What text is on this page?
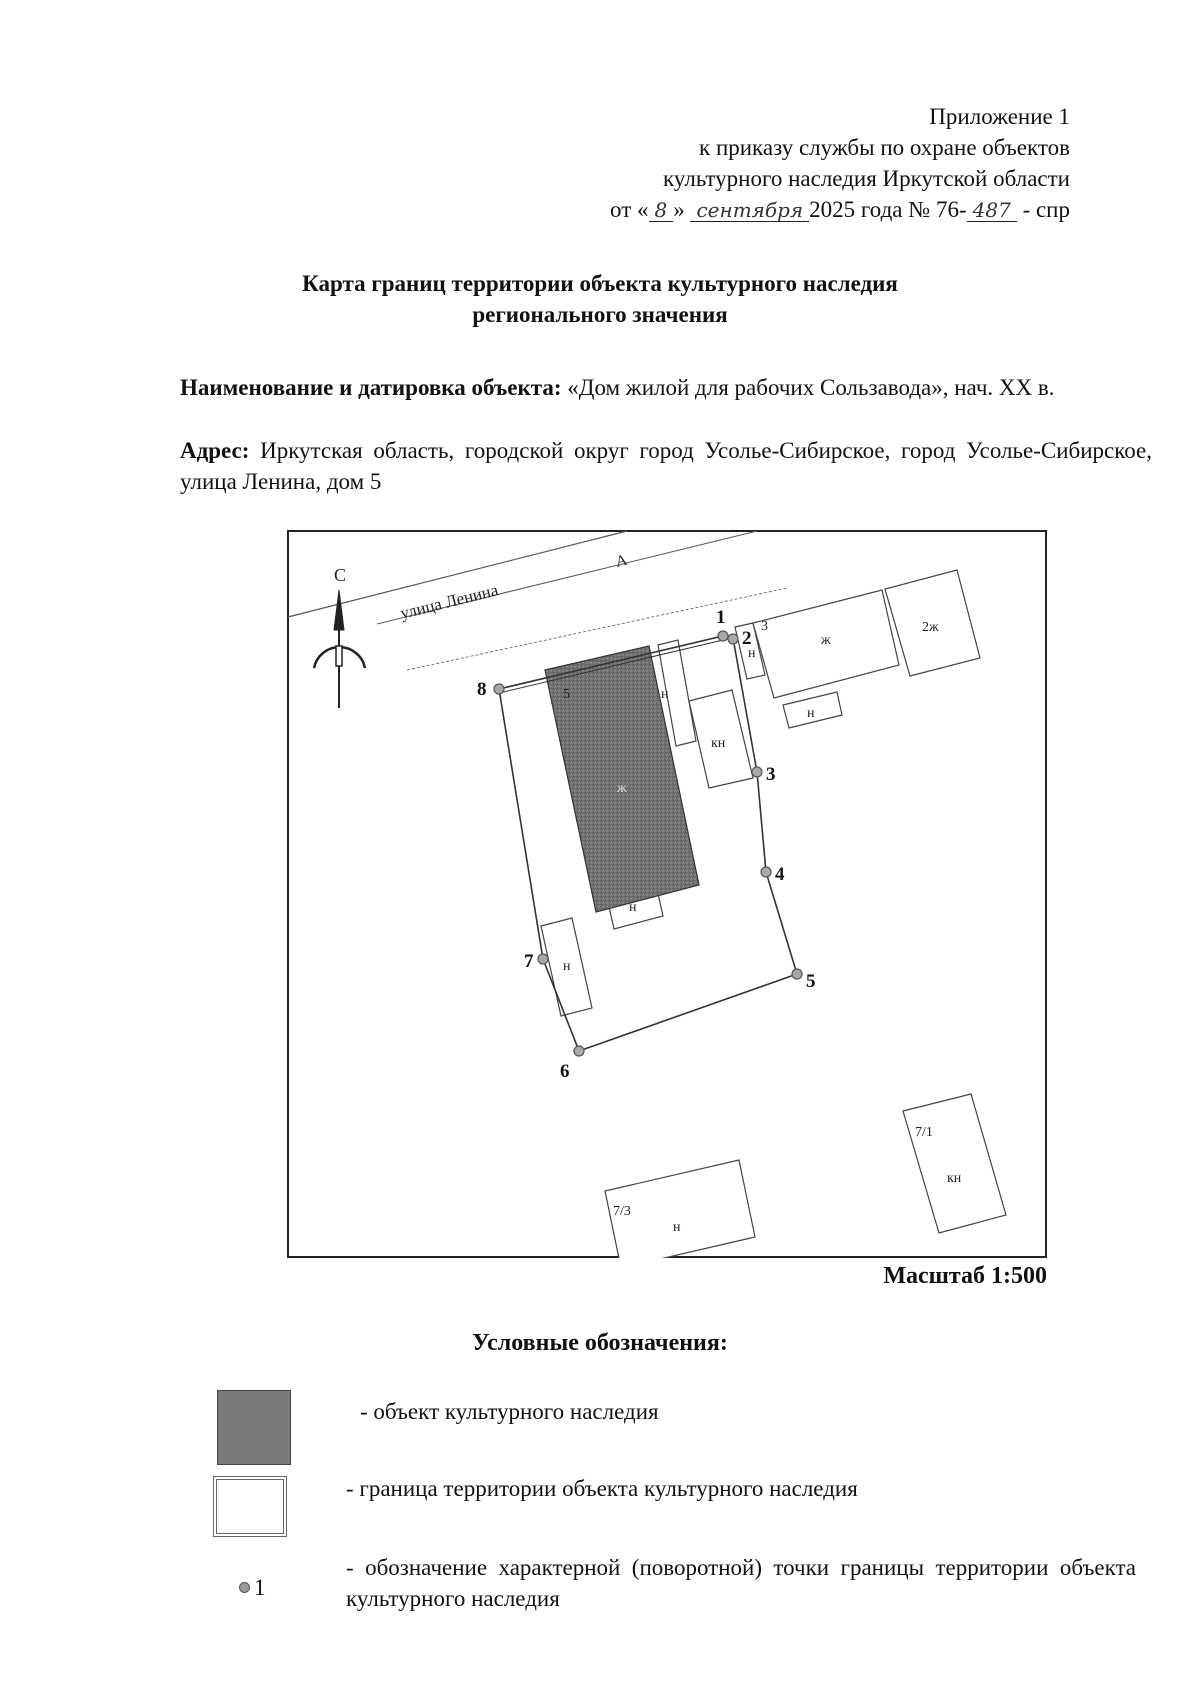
Приложение 1
к приказу службы по охране объектов
культурного наследия Иркутской области
от « 8 » сентября 2025 года № 76- 487 - спр
Карта границ территории объекта культурного наследия
регионального значения
Наименование и датировка объекта: «Дом жилой для рабочих Сользавода», нач. XX в.
Адрес: Иркутская область, городской округ город Усолье-Сибирское, город Усолье-Сибирское, улица Ленина, дом 5
улица Ленина
А
С
5
ж
н
кн
н
н
3
н
ж
н
2ж
7/1
кн
7/3
н
1
2
3
4
5
6
7
8
Масштаб 1:500
Условные обозначения:
- объект культурного наследия
- граница территории объекта культурного наследия
1
- обозначение характерной (поворотной) точки границы территории объекта культурного наследия
